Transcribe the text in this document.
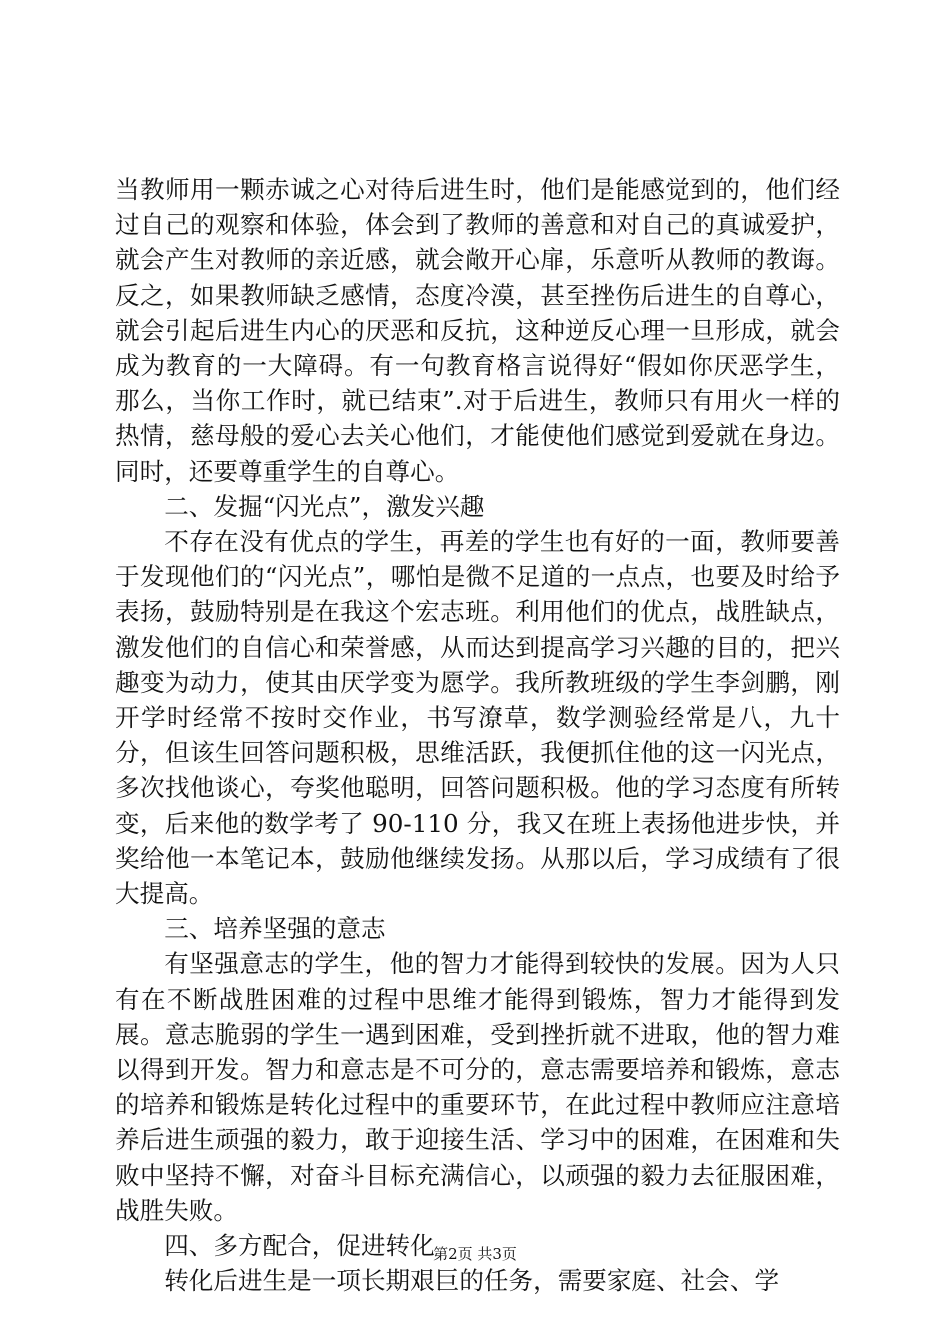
当教师用一颗赤诚之心对待后进生时，他们是能感觉到的，他们经过自己的观察和体验，体会到了教师的善意和对自己的真诚爱护，就会产生对教师的亲近感，就会敞开心扉，乐意听从教师的教诲。反之，如果教师缺乏感情，态度冷漠，甚至挫伤后进生的自尊心，就会引起后进生内心的厌恶和反抗，这种逆反心理一旦形成，就会成为教育的一大障碍。有一句教育格言说得好“假如你厌恶学生，那么，当你工作时，就已结束”.对于后进生，教师只有用火一样的热情，慈母般的爱心去关心他们，才能使他们感觉到爱就在身边。同时，还要尊重学生的自尊心。

二、发掘“闪光点”，激发兴趣

不存在没有优点的学生，再差的学生也有好的一面，教师要善于发现他们的“闪光点”，哪怕是微不足道的一点点，也要及时给予表扬，鼓励特别是在我这个宏志班。利用他们的优点，战胜缺点，激发他们的自信心和荣誉感，从而达到提高学习兴趣的目的，把兴趣变为动力，使其由厌学变为愿学。我所教班级的学生李剑鹏，刚开学时经常不按时交作业，书写潦草，数学测验经常是八，九十分，但该生回答问题积极，思维活跃，我便抓住他的这一闪光点，多次找他谈心，夸奖他聪明，回答问题积极。他的学习态度有所转变，后来他的数学考了 90-110 分，我又在班上表扬他进步快，并奖给他一本笔记本，鼓励他继续发扬。从那以后，学习成绩有了很大提高。

三、培养坚强的意志

有坚强意志的学生，他的智力才能得到较快的发展。因为人只有在不断战胜困难的过程中思维才能得到锻炼，智力才能得到发展。意志脆弱的学生一遇到困难，受到挫折就不进取，他的智力难以得到开发。智力和意志是不可分的，意志需要培养和锻炼，意志的培养和锻炼是转化过程中的重要环节，在此过程中教师应注意培养后进生顽强的毅力，敢于迎接生活、学习中的困难，在困难和失败中坚持不懈，对奋斗目标充满信心，以顽强的毅力去征服困难，战胜失败。

四、多方配合，促进转化

转化后进生是一项长期艰巨的任务，需要家庭、社会、学

第2页 共3页
